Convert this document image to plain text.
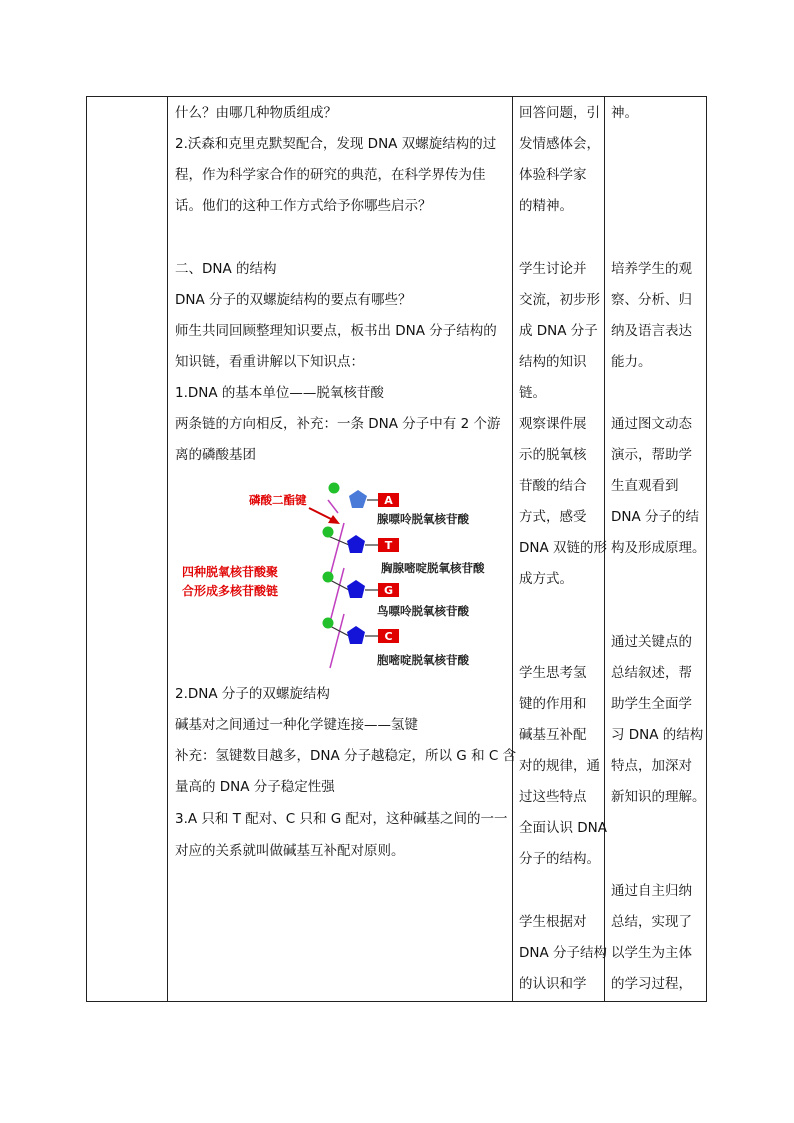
什么？由哪几种物质组成？
2.沃森和克里克默契配合，发现 DNA 双螺旋结构的过
程，作为科学家合作的研究的典范，在科学界传为佳
话。他们的这种工作方式给予你哪些启示？
二、DNA 的结构
DNA 分子的双螺旋结构的要点有哪些？
师生共同回顾整理知识要点，板书出 DNA 分子结构的
知识链，看重讲解以下知识点：
1.DNA 的基本单位——脱氧核苷酸
两条链的方向相反，补充：一条 DNA 分子中有 2 个游
离的磷酸基团
2.DNA 分子的双螺旋结构
碱基对之间通过一种化学键连接——氢键
补充：氢键数目越多，DNA 分子越稳定，所以 G 和 C 含
量高的 DNA 分子稳定性强
3.A 只和 T 配对、C 只和 G 配对，这种碱基之间的一一
对应的关系就叫做碱基互补配对原则。
A
T
G
C
腺嘌呤脱氧核苷酸
胸腺嘧啶脱氧核苷酸
鸟嘌呤脱氧核苷酸
胞嘧啶脱氧核苷酸
磷酸二酯键
四种脱氧核苷酸聚
合形成多核苷酸链
回答问题，引
发情感体会，
体验科学家
的精神。
学生讨论并
交流，初步形
成 DNA 分子
结构的知识
链。
观察课件展
示的脱氧核
苷酸的结合
方式，感受
DNA 双链的形
成方式。
学生思考氢
键的作用和
碱基互补配
对的规律，通
过这些特点
全面认识 DNA
分子的结构。
学生根据对
DNA 分子结构
的认识和学
神。
培养学生的观
察、分析、归
纳及语言表达
能力。
通过图文动态
演示，帮助学
生直观看到
DNA 分子的结
构及形成原理。
通过关键点的
总结叙述，帮
助学生全面学
习 DNA 的结构
特点，加深对
新知识的理解。
通过自主归纳
总结，实现了
以学生为主体
的学习过程，
